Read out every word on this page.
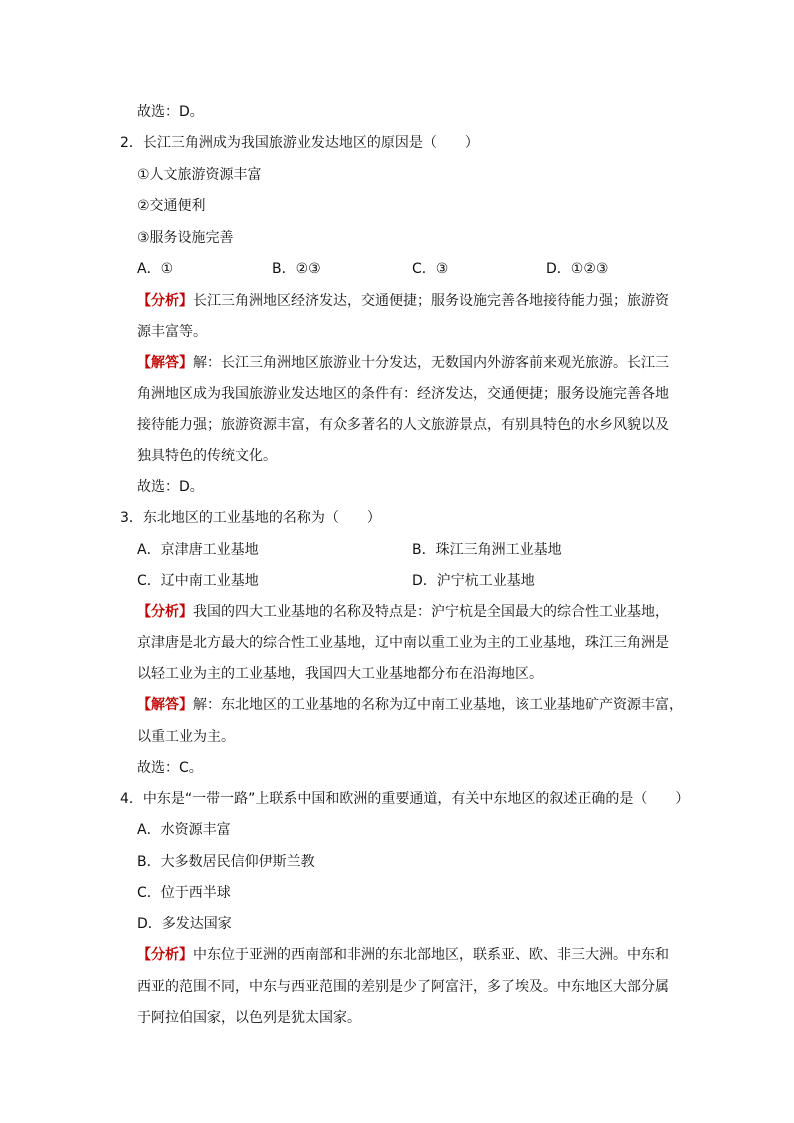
故选：D。
2．长江三角洲成为我国旅游业发达地区的原因是（　　）
①人文旅游资源丰富
②交通便利
③服务设施完善
A．①	B．②③	C．③	D．①②③
【分析】长江三角洲地区经济发达，交通便捷；服务设施完善各地接待能力强；旅游资
源丰富等。
【解答】解：长江三角洲地区旅游业十分发达，无数国内外游客前来观光旅游。长江三
角洲地区成为我国旅游业发达地区的条件有：经济发达，交通便捷；服务设施完善各地
接待能力强；旅游资源丰富，有众多著名的人文旅游景点，有别具特色的水乡风貌以及
独具特色的传统文化。
故选：D。
3．东北地区的工业基地的名称为（　　）
A．京津唐工业基地	B．珠江三角洲工业基地
C．辽中南工业基地	D．沪宁杭工业基地
【分析】我国的四大工业基地的名称及特点是：沪宁杭是全国最大的综合性工业基地，
京津唐是北方最大的综合性工业基地，辽中南以重工业为主的工业基地，珠江三角洲是
以轻工业为主的工业基地，我国四大工业基地都分布在沿海地区。
【解答】解：东北地区的工业基地的名称为辽中南工业基地，该工业基地矿产资源丰富，
以重工业为主。
故选：C。
4．中东是“一带一路”上联系中国和欧洲的重要通道，有关中东地区的叙述正确的是（　　）
A．水资源丰富
B．大多数居民信仰伊斯兰教
C．位于西半球
D．多发达国家
【分析】中东位于亚洲的西南部和非洲的东北部地区，联系亚、欧、非三大洲。中东和
西亚的范围不同，中东与西亚范围的差别是少了阿富汗，多了埃及。中东地区大部分属
于阿拉伯国家，以色列是犹太国家。
